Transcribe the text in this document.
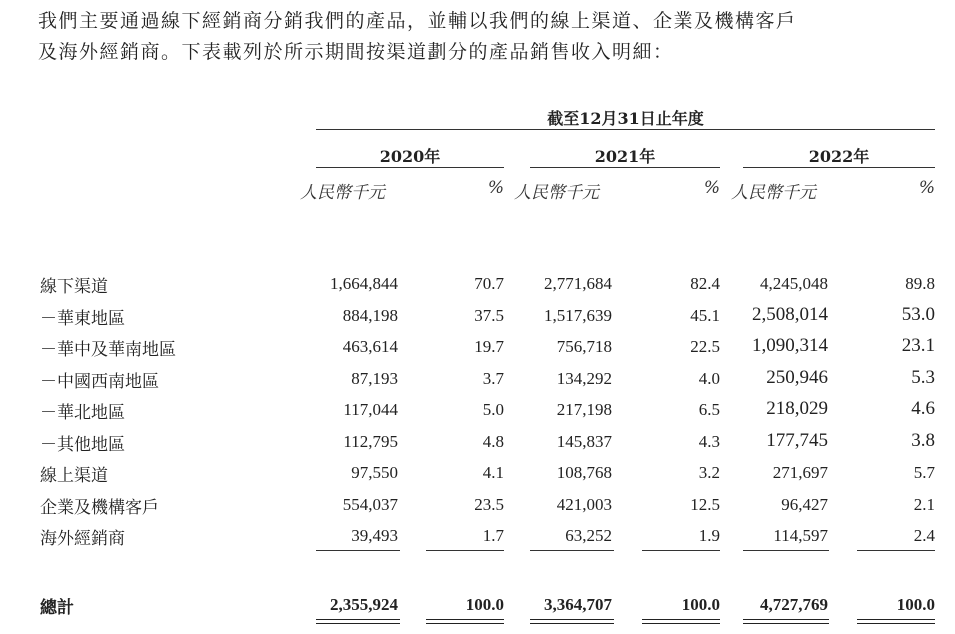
我們主要通過線下經銷商分銷我們的產品，並輔以我們的線上渠道、企業及機構客戶
及海外經銷商。下表載列於所示期間按渠道劃分的產品銷售收入明細：
截至12月31日止年度
2020年	2021年	2022年
人民幣千元	% 人民幣千元	% 人民幣千元	%
線下渠道	1,664,844	70.7	2,771,684	82.4	4,245,048	89.8
－華東地區	884,198	37.5	1,517,639	45.1	2,508,014	53.0
－華中及華南地區	463,614	19.7	756,718	22.5	1,090,314	23.1
－中國西南地區	87,193	3.7	134,292	4.0	250,946	5.3
－華北地區	117,044	5.0	217,198	6.5	218,029	4.6
－其他地區	112,795	4.8	145,837	4.3	177,745	3.8
線上渠道	97,550	4.1	108,768	3.2	271,697	5.7
企業及機構客戶	554,037	23.5	421,003	12.5	96,427	2.1
海外經銷商	39,493	1.7	63,252	1.9	114,597	2.4
總計	2,355,924	100.0	3,364,707	100.0	4,727,769	100.0
